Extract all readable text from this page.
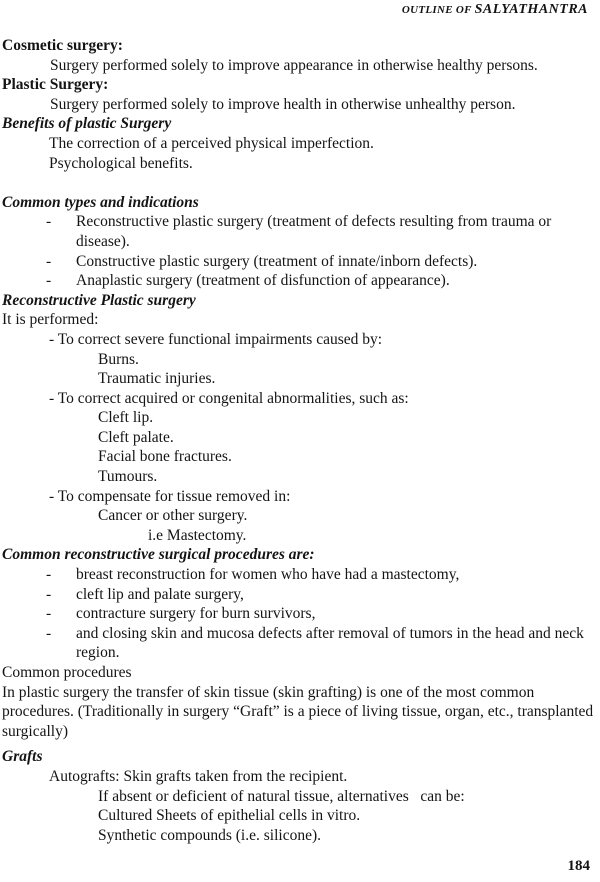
OUTLINE OF SALYATHANTRA
Cosmetic surgery:
Surgery performed solely to improve appearance in otherwise healthy persons.
Plastic Surgery:
Surgery performed solely to improve health in otherwise unhealthy person.
Benefits of plastic Surgery
The correction of a perceived physical imperfection.
Psychological benefits.
Common types and indications
-	Reconstructive plastic surgery (treatment of defects resulting from trauma or disease).
-	Constructive plastic surgery (treatment of innate/inborn defects).
-	Anaplastic surgery (treatment of disfunction of appearance).
Reconstructive Plastic surgery
It is performed:
- To correct severe functional impairments caused by:
Burns.
Traumatic injuries.
- To correct acquired or congenital abnormalities, such as:
Cleft lip.
Cleft palate.
Facial bone fractures.
Tumours.
- To compensate for tissue removed in:
Cancer or other surgery.
i.e Mastectomy.
Common reconstructive surgical procedures are:
-	breast reconstruction for women who have had a mastectomy,
-	cleft lip and palate surgery,
-	contracture surgery for burn survivors,
-	and closing skin and mucosa defects after removal of tumors in the head and neck region.
Common procedures
In plastic surgery the transfer of skin tissue (skin grafting) is one of the most common procedures. (Traditionally in surgery “Graft” is a piece of living tissue, organ, etc., transplanted surgically)
Grafts
Autografts: Skin grafts taken from the recipient.
If absent or deficient of natural tissue, alternatives   can be:
Cultured Sheets of epithelial cells in vitro.
Synthetic compounds (i.e. silicone).
184
